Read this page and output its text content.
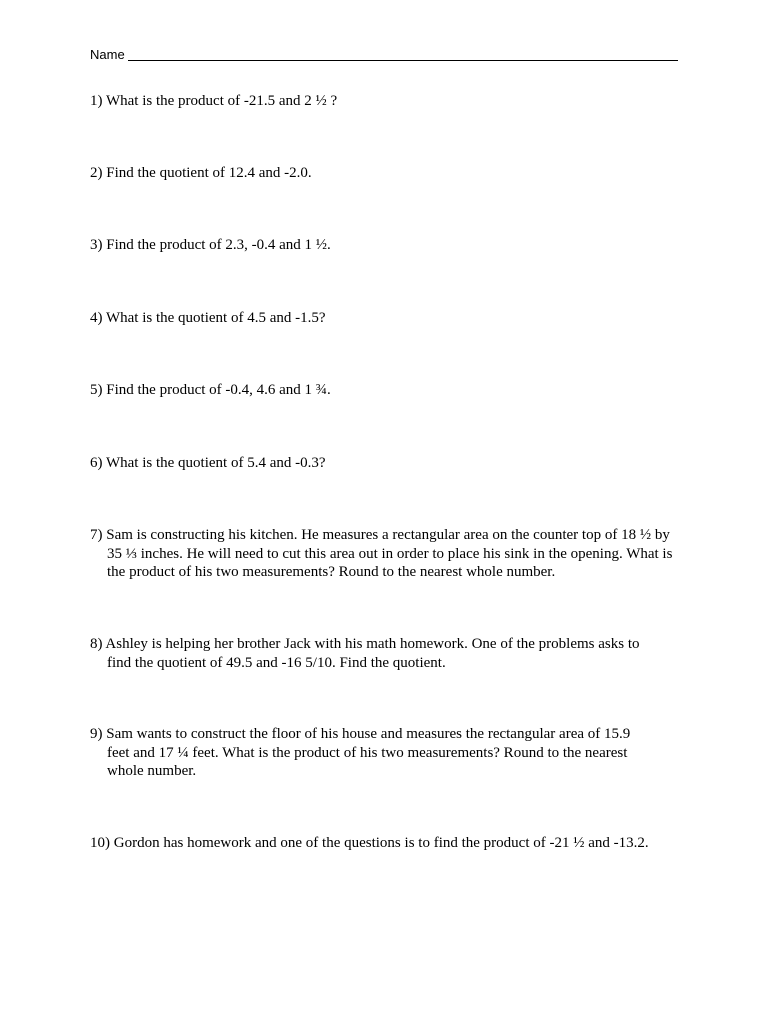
Name
1) What is the product of -21.5 and 2 ½ ?
2) Find the quotient of 12.4 and -2.0.
3) Find the product of 2.3, -0.4 and 1 ½.
4) What is the quotient of 4.5 and -1.5?
5) Find the product of -0.4, 4.6 and 1 ¾.
6) What is the quotient of 5.4 and -0.3?
7) Sam is constructing his kitchen. He measures a rectangular area on the counter top of 18 ½ by 35 ⅓ inches. He will need to cut this area out in order to place his sink in the opening. What is the product of his two measurements? Round to the nearest whole number.
8) Ashley is helping her brother Jack with his math homework. One of the problems asks to find the quotient of 49.5 and -16 5/10. Find the quotient.
9) Sam wants to construct the floor of his house and measures the rectangular area of 15.9 feet and 17 ¼ feet. What is the product of his two measurements? Round to the nearest whole number.
10) Gordon has homework and one of the questions is to find the product of -21 ½ and -13.2.
